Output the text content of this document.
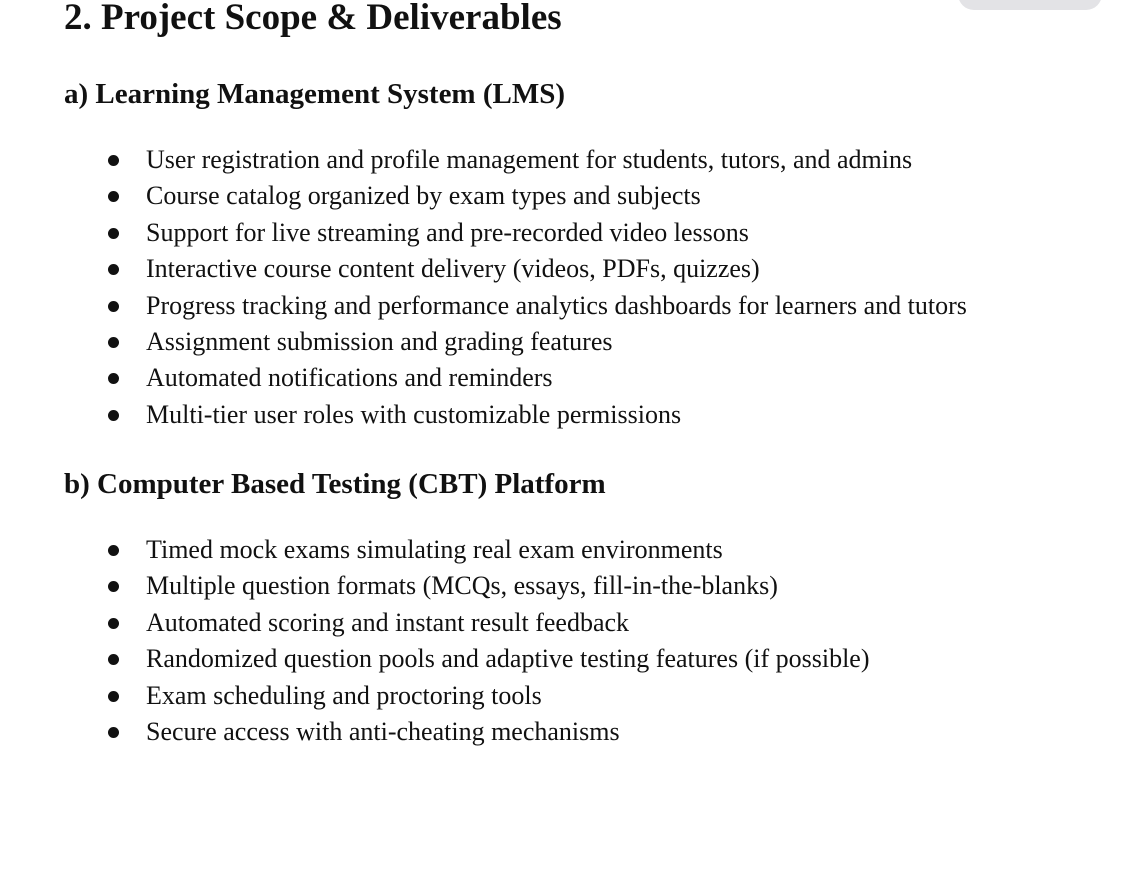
2. Project Scope & Deliverables
a) Learning Management System (LMS)
User registration and profile management for students, tutors, and admins
Course catalog organized by exam types and subjects
Support for live streaming and pre-recorded video lessons
Interactive course content delivery (videos, PDFs, quizzes)
Progress tracking and performance analytics dashboards for learners and tutors
Assignment submission and grading features
Automated notifications and reminders
Multi-tier user roles with customizable permissions
b) Computer Based Testing (CBT) Platform
Timed mock exams simulating real exam environments
Multiple question formats (MCQs, essays, fill-in-the-blanks)
Automated scoring and instant result feedback
Randomized question pools and adaptive testing features (if possible)
Exam scheduling and proctoring tools
Secure access with anti-cheating mechanisms
